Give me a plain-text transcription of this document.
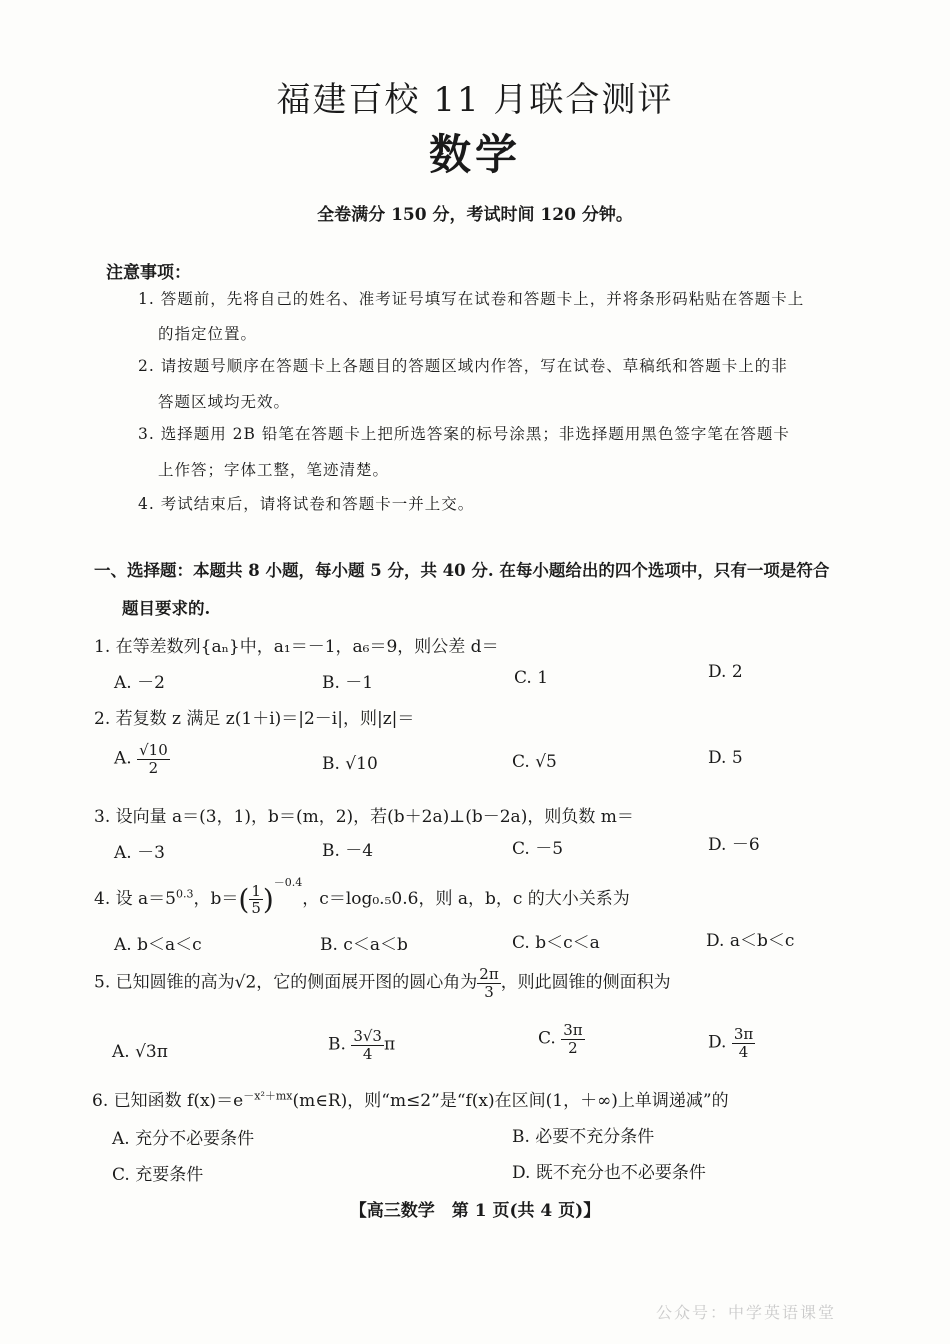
福建百校 11 月联合测评
数学
全卷满分 150 分，考试时间 120 分钟。
注意事项：
1. 答题前，先将自己的姓名、准考证号填写在试卷和答题卡上，并将条形码粘贴在答题卡上
的指定位置。
2. 请按题号顺序在答题卡上各题目的答题区域内作答，写在试卷、草稿纸和答题卡上的非
答题区域均无效。
3. 选择题用 2B 铅笔在答题卡上把所选答案的标号涂黑；非选择题用黑色签字笔在答题卡
上作答；字体工整，笔迹清楚。
4. 考试结束后，请将试卷和答题卡一并上交。
一、选择题：本题共 8 小题，每小题 5 分，共 40 分. 在每小题给出的四个选项中，只有一项是符合
题目要求的.
1. 在等差数列{aₙ}中，a₁＝－1，a₆＝9，则公差 d＝
A. －2	B. －1	C. 1	D. 2
2. 若复数 z 满足 z(1＋i)＝|2－i|，则|z|＝
A. $\frac{√10}{2}$	B. √10	C. √5	D. 5
3. 设向量 a＝(3，1)，b＝(m，2)，若(b＋2a)⊥(b－2a)，则负数 m＝
A. －3	B. －4	C. －5	D. －6
4. 设 $a=5^{0.3}$，$b=( \frac{1}{5} )^{-0.4}$，c＝log₀.₅0.6，则 a，b，c 的大小关系为
A. b＜a＜c	B. c＜a＜b	C. b＜c＜a	D. a＜b＜c
5. 已知圆锥的高为√2，它的侧面展开图的圆心角为 $\frac{2\pi}{3}$ ，则此圆锥的侧面积为
A. √3π	B. $\frac{3√3}{4}$ π	C. $\frac{3\pi}{2}$	D. $\frac{3\pi}{4}$
6. 已知函数 $f(x)=e^{-x^2+mx}(m\in R)$，则“m≤2”是“f(x)在区间(1，＋∞)上单调递减”的
A. 充分不必要条件	B. 必要不充分条件
C. 充要条件	D. 既不充分也不必要条件
【高三数学　第 1 页(共 4 页)】
公众号：中学英语课堂
